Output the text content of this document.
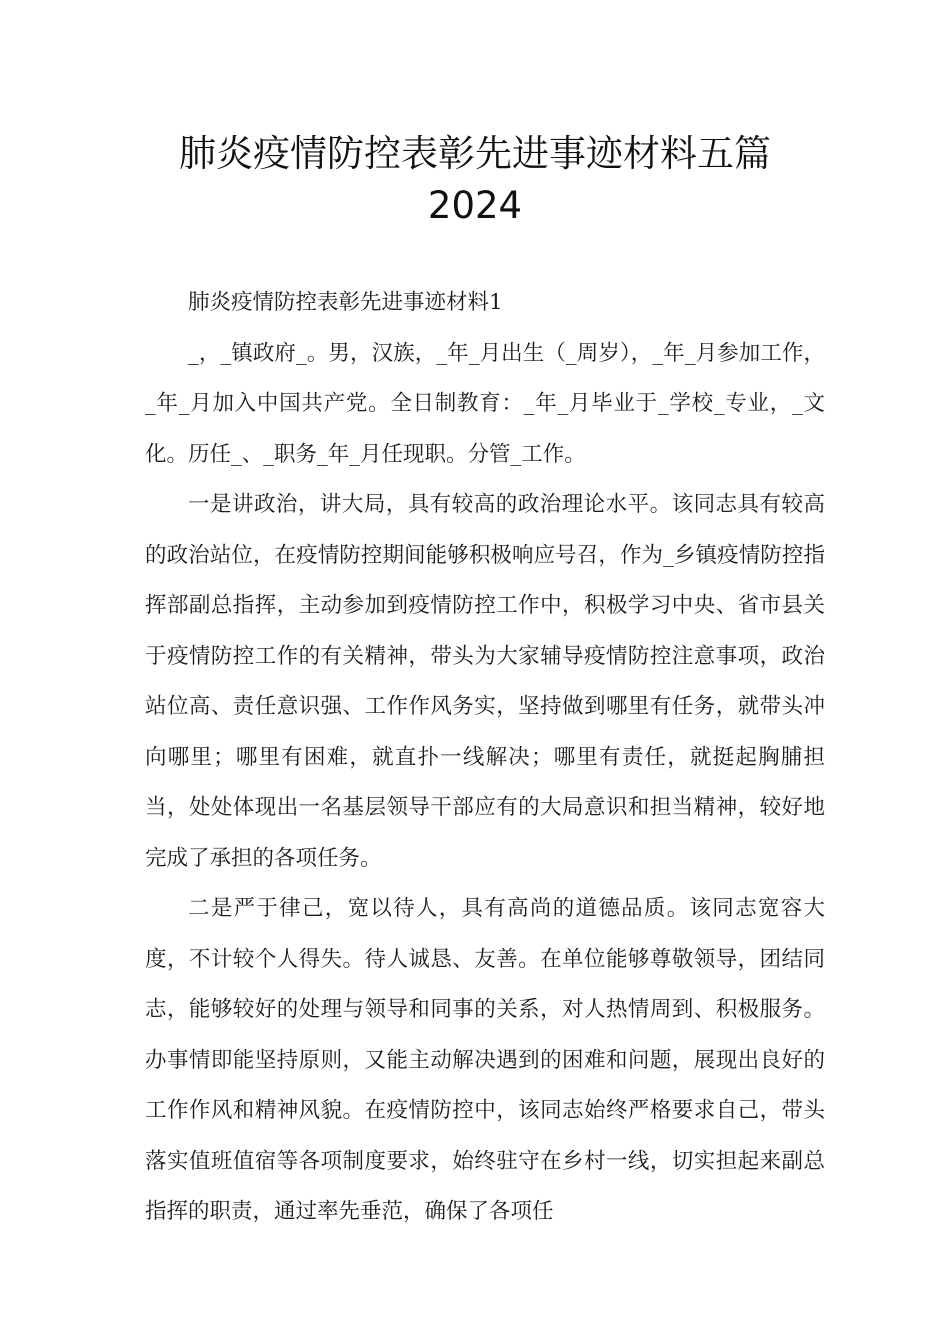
肺炎疫情防控表彰先进事迹材料五篇
2024

肺炎疫情防控表彰先进事迹材料1

_，_镇政府_。男，汉族，_年_月出生（_周岁），_年_月参加工作，_年_月加入中国共产党。全日制教育：_年_月毕业于_学校_专业，_文化。历任_、_职务_年_月任现职。分管_工作。

一是讲政治，讲大局，具有较高的政治理论水平。该同志具有较高的政治站位，在疫情防控期间能够积极响应号召，作为_乡镇疫情防控指挥部副总指挥，主动参加到疫情防控工作中，积极学习中央、省市县关于疫情防控工作的有关精神，带头为大家辅导疫情防控注意事项，政治站位高、责任意识强、工作作风务实，坚持做到哪里有任务，就带头冲向哪里；哪里有困难，就直扑一线解决；哪里有责任，就挺起胸脯担当，处处体现出一名基层领导干部应有的大局意识和担当精神，较好地完成了承担的各项任务。

二是严于律己，宽以待人，具有高尚的道德品质。该同志宽容大度，不计较个人得失。待人诚恳、友善。在单位能够尊敬领导，团结同志，能够较好的处理与领导和同事的关系，对人热情周到、积极服务。办事情即能坚持原则，又能主动解决遇到的困难和问题，展现出良好的工作作风和精神风貌。在疫情防控中，该同志始终严格要求自己，带头落实值班值宿等各项制度要求，始终驻守在乡村一线，切实担起来副总指挥的职责，通过率先垂范，确保了各项任
